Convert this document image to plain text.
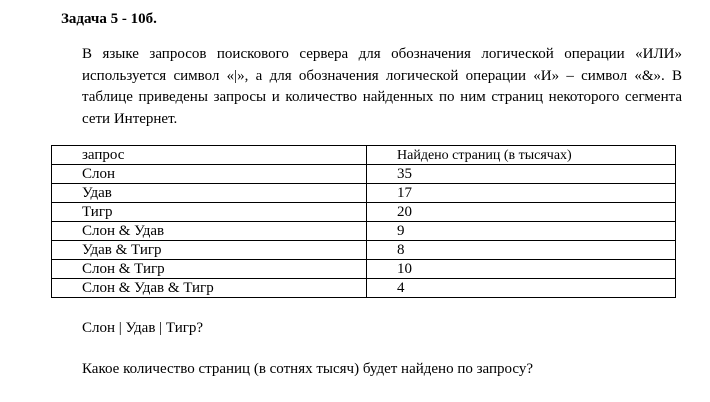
Задача 5 - 10б.

В языке запросов поискового сервера для обозначения логической операции «ИЛИ» используется символ «|», а для обозначения логической операции «И» – символ «&». В таблице приведены запросы и количество найденных по ним страниц некоторого сегмента сети Интернет.

запрос	Найдено страниц (в тысячах)
Слон	35
Удав	17
Тигр	20
Слон & Удав	9
Удав & Тигр	8
Слон & Тигр	10
Слон & Удав & Тигр	4
Слон | Удав | Тигр?
Какое количество страниц (в сотнях тысяч) будет найдено по запросу?
